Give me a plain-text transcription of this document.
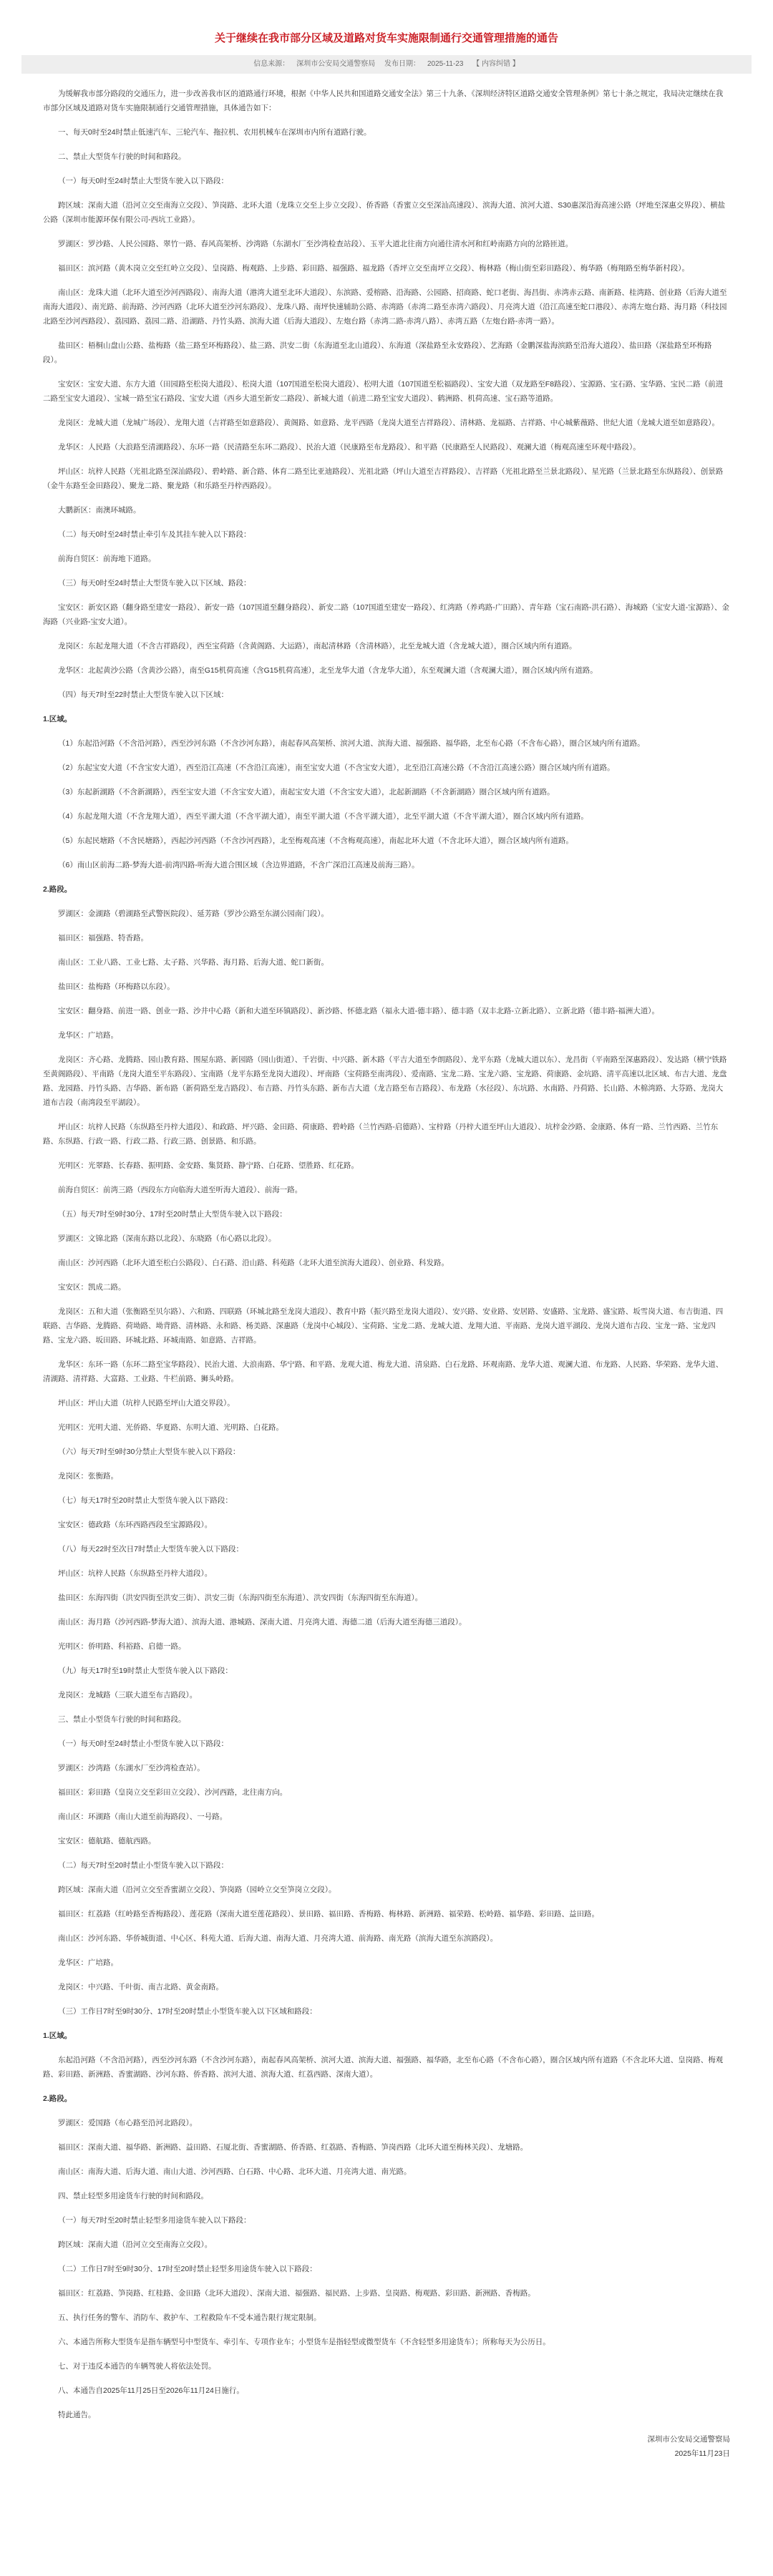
关于继续在我市部分区域及道路对货车实施限制通行交通管理措施的通告
信息来源： 深圳市公安局交通警察局 发布日期： 2025-11-23 【 内容纠错 】

为缓解我市部分路段的交通压力，进一步改善我市区的道路通行环境，根据《中华人民共和国道路交通安全法》第三十九条、《深圳经济特区道路交通安全管理条例》第七十条之规定，我局决定继续在我市部分区域及道路对货车实施限制通行交通管理措施，具体通告如下：

一、每天0时至24时禁止低速汽车、三轮汽车、拖拉机、农用机械车在深圳市内所有道路行驶。

二、禁止大型货车行驶的时间和路段。

（一）每天0时至24时禁止大型货车驶入以下路段：

跨区域：深南大道（沿河立交至南海立交段）、笋岗路、北环大道（龙珠立交至上步立交段）、侨香路（香蜜立交至深汕高速段）、滨海大道、滨河大道、S30惠深沿海高速公路（坪地至深惠交界段）、横盐公路（深圳市能源环保有限公司-西坑工业路）。

罗湖区：罗沙路、人民公园路、翠竹一路、春风高架桥、沙湾路（东湖水厂至沙湾检查站段）、玉平大道北往南方向通往清水河和红岭南路方向的岔路匝道。

福田区：滨河路（黄木岗立交至红岭立交段）、皇岗路、梅观路、上步路、彩田路、福强路、福龙路（香坪立交至南坪立交段）、梅林路（梅山街至彩田路段）、梅华路（梅翔路至梅华新村段）。

南山区：龙珠大道（北环大道至沙河西路段）、南海大道（港湾大道至北环大道段）、东滨路、爱榕路、沿海路、公园路、招商路、蛇口老街、海昌街、赤湾赤云路、南新路、桂湾路、创业路（后海大道至南海大道段）、南光路、前海路、沙河西路（北环大道至沙河东路段）、龙珠八路、南坪快速辅助公路、赤湾路（赤湾二路至赤湾六路段）、月亮湾大道（沿江高速至蛇口港段）、赤湾左炮台路、海月路（科技园北路至沙河西路段）、荔园路、荔园二路、沿湖路、丹竹头路、滨海大道（后海大道段）、左炮台路（赤湾二路-赤湾八路）、赤湾五路（左炮台路-赤湾一路）。

盐田区：梧桐山盘山公路、盐梅路（盐三路至环梅路段）、盐三路、洪安二街（东海道至北山道段）、东海道（深盐路至永安路段）、艺海路（金鹏深盐海滨路至沿海大道段）、盐田路（深盐路至环梅路段）。

宝安区：宝安大道、东方大道（田园路至松岗大道段）、松岗大道（107国道至松岗大道段）、松明大道（107国道至松福路段）、宝安大道（双龙路至F8路段）、宝源路、宝石路、宝华路、宝民二路（前进二路至宝安大道段）、宝城一路至宝石路段、宝安大道（西乡大道至新安二路段）、新城大道（前进二路至宝安大道段）、鹤洲路、机荷高速、宝石路等道路。

龙岗区：龙城大道（龙城广场段）、龙翔大道（吉祥路至如意路段）、黄阁路、如意路、龙平西路（龙岗大道至吉祥路段）、清林路、龙福路、吉祥路、中心城紫薇路、世纪大道（龙城大道至如意路段）。

龙华区：人民路（大浪路至清湖路段）、东环一路（民清路至东环二路段）、民治大道（民康路至布龙路段）、和平路（民康路至人民路段）、观澜大道（梅观高速至环观中路段）。

坪山区：坑梓人民路（光祖北路至深汕路段）、碧岭路、新合路、体育二路至比亚迪路段）、光祖北路（坪山大道至吉祥路段）、吉祥路（光祖北路至兰景北路段）、星光路（兰景北路至东纵路段）、创景路（金牛东路至金田路段）、聚龙二路、聚龙路（和乐路至丹梓西路段）。

大鹏新区：南澳环城路。

（二）每天0时至24时禁止牵引车及其挂车驶入以下路段：

前海自贸区：前海地下道路。

（三）每天0时至24时禁止大型货车驶入以下区域、路段：

宝安区：新安区路（翻身路至建安一路段）、新安一路（107国道至翻身路段）、新安二路（107国道至建安一路段）、红湾路（养鸡路-广田路）、青年路（宝石南路-洪石路）、海城路（宝安大道-宝源路）、金海路（兴业路-宝安大道）。

龙岗区：东起龙翔大道（不含吉祥路段），西至宝荷路（含黄阁路、大运路），南起清林路（含清林路），北至龙城大道（含龙城大道），圈合区域内所有道路。

龙华区：北起黄沙公路（含黄沙公路），南至G15机荷高速（含G15机荷高速），北至龙华大道（含龙华大道），东至观澜大道（含观澜大道），圈合区域内所有道路。

（四）每天7时至22时禁止大型货车驶入以下区域：

1.区域。

（1）东起沿河路（不含沿河路），西至沙河东路（不含沙河东路），南起春风高架桥、滨河大道、滨海大道、福强路、福华路，北至布心路（不含布心路），圈合区域内所有道路。

（2）东起宝安大道（不含宝安大道），西至沿江高速（不含沿江高速），南至宝安大道（不含宝安大道），北至沿江高速公路（不含沿江高速公路）圈合区域内所有道路。

（3）东起新湖路（不含新湖路），西至宝安大道（不含宝安大道），南起宝安大道（不含宝安大道），北起新湖路（不含新湖路）圈合区域内所有道路。

（4）东起龙翔大道（不含龙翔大道），西至平湖大道（不含平湖大道），南至平湖大道（不含平湖大道），北至平湖大道（不含平湖大道），圈合区域内所有道路。

（5）东起民塘路（不含民塘路），西起沙河西路（不含沙河西路），北至梅观高速（不含梅观高速），南起北环大道（不含北环大道），圈合区域内所有道路。

（6）南山区前海二路-梦海大道-前湾四路-听海大道合围区域（含边界道路，不含广深沿江高速及前海三路）。

2.路段。

罗湖区：金湖路（碧湖路至武警医院段）、延芳路（罗沙公路至东湖公园南门段）。

福田区：福强路、特香路。

南山区：工业八路、工业七路、太子路、兴华路、海月路、后海大道、蛇口新街。

盐田区：盐梅路（环梅路以东段）。

宝安区：翻身路、前进一路、创业一路、沙井中心路（新和大道至环镇路段）、新沙路、怀德北路（福永大道-德丰路）、德丰路（双丰北路-立新北路）、立新北路（德丰路-福洲大道）。

龙华区：广培路。

龙岗区：齐心路、龙腾路、园山教育路、围屋东路、新园路（园山街道）、千岩街、中兴路、新木路（平吉大道至李朗路段）、龙平东路（龙城大道以东）、龙昌街（平南路至深惠路段）、发达路（横宁铁路至黄阁路段）、平南路（龙岗大道至平东路段）、宝南路（龙平东路至龙岗大道段）、坪南路（宝荷路至南湾段）、爱南路、宝龙二路、宝龙六路、宝龙路、荷康路、金坑路、清平高速以北区域、布吉大道、龙盘路、龙园路、丹竹头路、吉华路、新布路（新荷路至龙吉路段）、布吉路、丹竹头东路、新布吉大道（龙吉路至布吉路段）、布龙路（水径段）、东坑路、水南路、丹荷路、长山路、木棉湾路、大芬路、龙岗大道布吉段（南湾段至平湖段）。

坪山区：坑梓人民路（东纵路至丹梓大道段）、和政路、坪兴路、金田路、荷康路、碧岭路（兰竹西路-启德路）、宝梓路（丹梓大道至坪山大道段）、坑梓金沙路、金康路、体育一路、兰竹西路、兰竹东路、东纵路、行政一路、行政二路、行政三路、创景路、和乐路。

光明区：光翠路、长春路、振明路、金安路、集贤路、静宁路、白花路、望胜路、红花路。

前海自贸区：前湾三路（西段东方向临海大道至听海大道段）、前海一路。

（五）每天7时至9时30分、17时至20时禁止大型货车驶入以下路段：

罗湖区：文锦北路（深南东路以北段）、东晓路（布心路以北段）。

南山区：沙河西路（北环大道至松白公路段）、白石路、沿山路、科苑路（北环大道至滨海大道段）、创业路、科发路。

宝安区：凯成二路。

龙岗区：五和大道（张衡路至贝尔路）、六和路、四联路（环城北路至龙岗大道段）、教育中路（振兴路至龙岗大道段）、安兴路、安业路、安居路、安盛路、宝龙路、盛宝路、坂雪岗大道、布吉街道、四联路、吉华路、龙腾路、荷坳路、坳背路、清林路、永和路、杨美路、深惠路（龙岗中心城段）、宝荷路、宝龙二路、龙城大道、龙翔大道、平南路、龙岗大道平湖段、龙岗大道布吉段、宝龙一路、宝龙四路、宝龙六路、坂田路、环城北路、环城南路、如意路、吉祥路。

龙华区：东环一路（东环二路至宝华路段）、民治大道、大浪南路、华宁路、和平路、龙观大道、梅龙大道、清泉路、白石龙路、环观南路、龙华大道、观澜大道、布龙路、人民路、华荣路、龙华大道、清湖路、清祥路、大富路、工业路、牛栏前路、狮头岭路。

坪山区：坪山大道（坑梓人民路至坪山大道交界段）。

光明区：光明大道、光侨路、华夏路、东明大道、光明路、白花路。

（六）每天7时至9时30分禁止大型货车驶入以下路段：

龙岗区：张衡路。

（七）每天17时至20时禁止大型货车驶入以下路段：

宝安区：德政路（东环西路西段至宝源路段）。

（八）每天22时至次日7时禁止大型货车驶入以下路段：

坪山区：坑梓人民路（东纵路至丹梓大道段）。

盐田区：东海四街（洪安四街至洪安三街）、洪安三街（东海四街至东海道）、洪安四街（东海四街至东海道）。

南山区：海月路（沙河西路-梦海大道）、滨海大道、港城路、深南大道、月亮湾大道、海德二道（后海大道至海德三道段）。

光明区：侨明路、科裕路、启德一路。

（九）每天17时至19时禁止大型货车驶入以下路段：

龙岗区：龙城路（三联大道至布吉路段）。

三、禁止小型货车行驶的时间和路段。

（一）每天0时至24时禁止小型货车驶入以下路段：

罗湖区：沙湾路（东湖水厂至沙湾检查站）。

福田区：彩田路（皇岗立交至彩田立交段）、沙河西路，北往南方向。

南山区：环湖路（南山大道至前海路段）、一号路。

宝安区：德航路、德航西路。

（二）每天7时至20时禁止小型货车驶入以下路段：

跨区域：深南大道（沿河立交至香蜜湖立交段）、笋岗路（园岭立交至笋岗立交段）。

福田区：红荔路（红岭路至香梅路段）、莲花路（深南大道至莲花路段）、景田路、福田路、香梅路、梅林路、新洲路、福荣路、松岭路、福华路、彩田路、益田路。

南山区：沙河东路、华侨城街道、中心区、科苑大道、后海大道、南海大道、月亮湾大道、前海路、南光路（滨海大道至东滨路段）。

龙华区：广培路。

龙岗区：中兴路、千叶街、南吉北路、黄金南路。

（三）工作日7时至9时30分、17时至20时禁止小型货车驶入以下区域和路段：

1.区域。

东起沿河路（不含沿河路），西至沙河东路（不含沙河东路），南起春风高架桥、滨河大道、滨海大道、福强路、福华路，北至布心路（不含布心路），圈合区域内所有道路（不含北环大道、皇岗路、梅观路、彩田路、新洲路、香蜜湖路、沙河东路、侨香路、滨河大道、滨海大道、红荔西路、深南大道）。

2.路段。

罗湖区：爱国路（布心路至沿河北路段）。

福田区：深南大道、福华路、新洲路、益田路、石厦北街、香蜜湖路、侨香路、红荔路、香梅路、笋岗西路（北环大道至梅林关段）、龙塘路。

南山区：南海大道、后海大道、南山大道、沙河西路、白石路、中心路、北环大道、月亮湾大道、南光路。

四、禁止轻型多用途货车行驶的时间和路段。

（一）每天7时至20时禁止轻型多用途货车驶入以下路段：

跨区域：深南大道（沿河立交至南海立交段）。

（二）工作日7时至9时30分、17时至20时禁止轻型多用途货车驶入以下路段：

福田区：红荔路、笋岗路、红桂路、金田路（北环大道段）、深南大道、福强路、福民路、上步路、皇岗路、梅观路、彩田路、新洲路、香梅路。

五、执行任务的警车、消防车、救护车、工程救险车不受本通告限行规定限制。

六、本通告所称大型货车是指车辆型号中型货车、牵引车、专项作业车；小型货车是指轻型或微型货车（不含轻型多用途货车）；所称每天为公历日。

七、对于违反本通告的车辆驾驶人将依法处罚。

八、本通告自2025年11月25日至2026年11月24日施行。

特此通告。

深圳市公安局交通警察局

2025年11月23日
